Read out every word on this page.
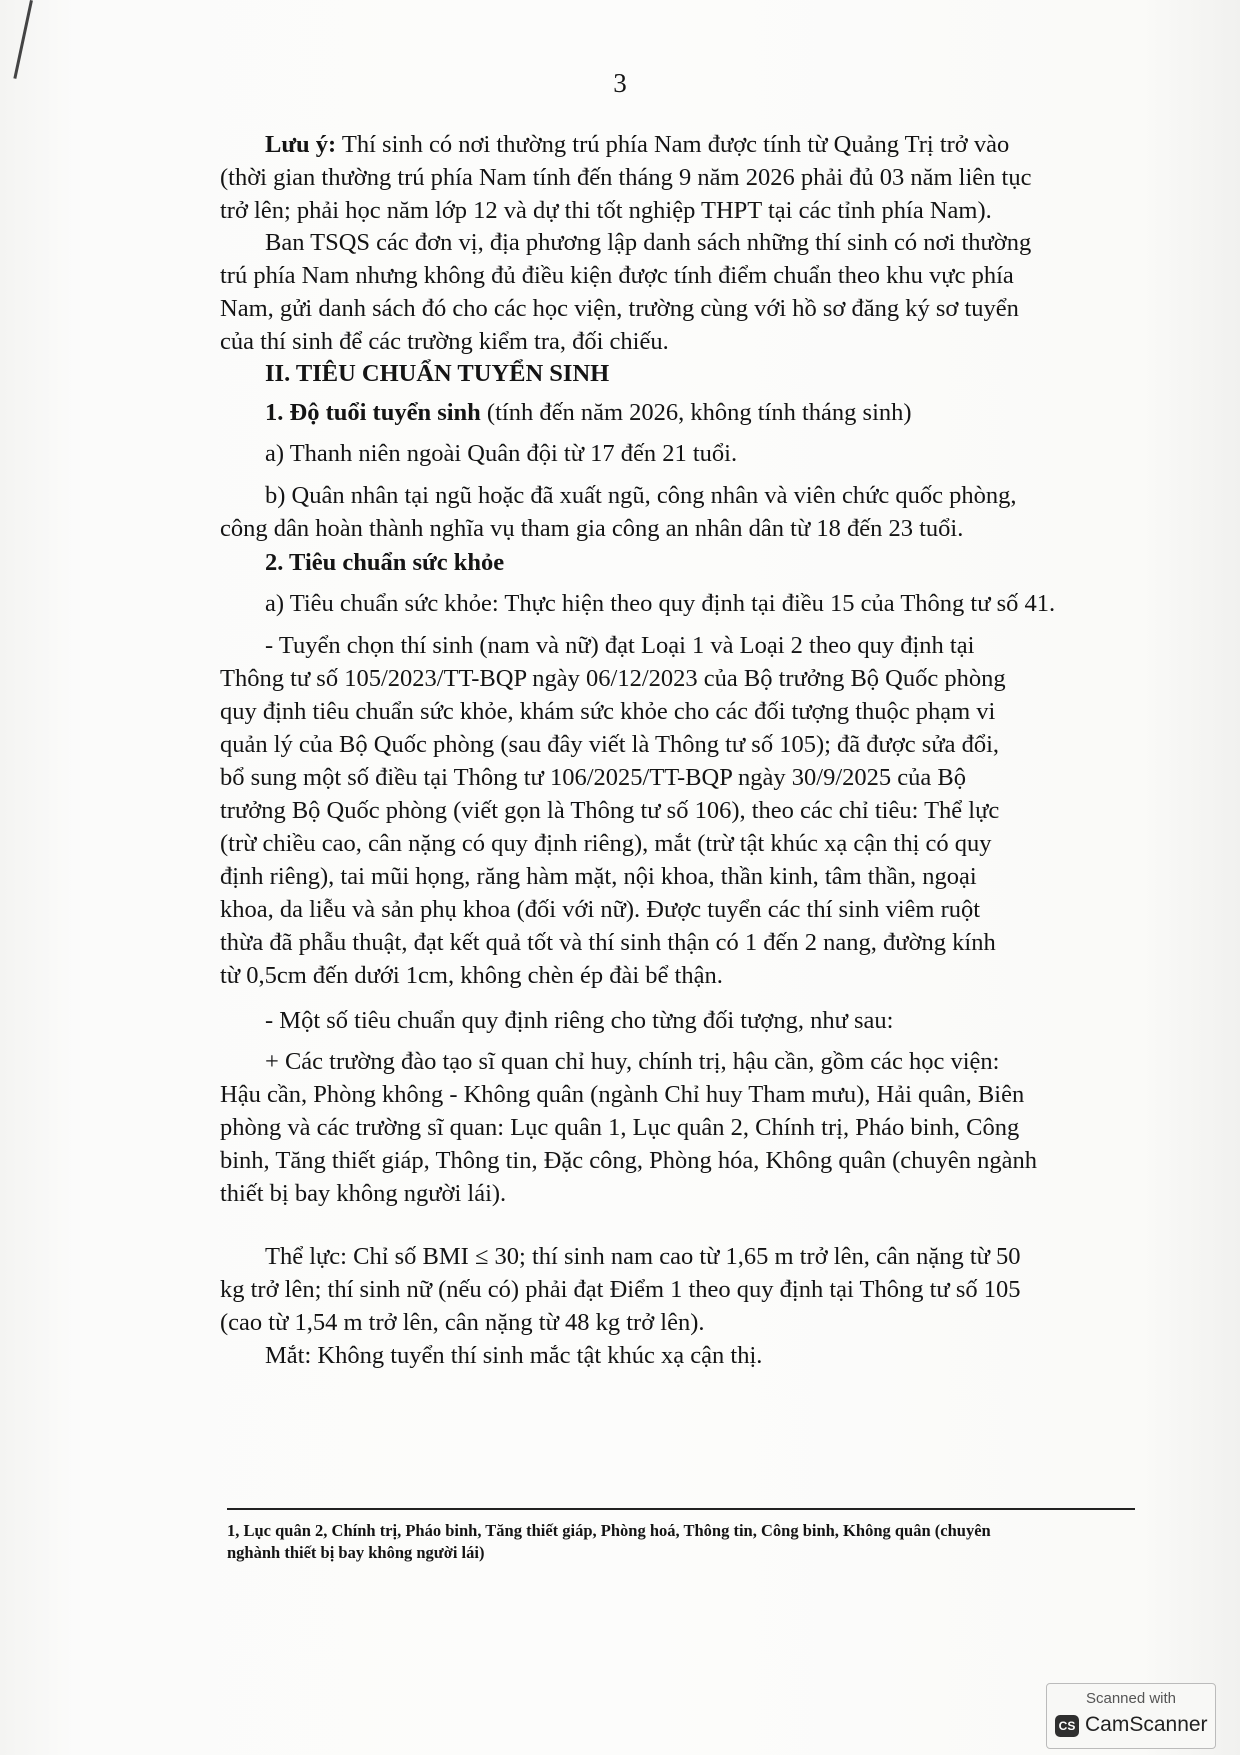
3
Lưu ý: Thí sinh có nơi thường trú phía Nam được tính từ Quảng Trị trở vào
(thời gian thường trú phía Nam tính đến tháng 9 năm 2026 phải đủ 03 năm liên tục
trở lên; phải học năm lớp 12 và dự thi tốt nghiệp THPT tại các tỉnh phía Nam).
Ban TSQS các đơn vị, địa phương lập danh sách những thí sinh có nơi thường
trú phía Nam nhưng không đủ điều kiện được tính điểm chuẩn theo khu vực phía
Nam, gửi danh sách đó cho các học viện, trường cùng với hồ sơ đăng ký sơ tuyển
của thí sinh để các trường kiểm tra, đối chiếu.
II. TIÊU CHUẨN TUYỂN SINH
1. Độ tuổi tuyển sinh (tính đến năm 2026, không tính tháng sinh)
a) Thanh niên ngoài Quân đội từ 17 đến 21 tuổi.
b) Quân nhân tại ngũ hoặc đã xuất ngũ, công nhân và viên chức quốc phòng,
công dân hoàn thành nghĩa vụ tham gia công an nhân dân từ 18 đến 23 tuổi.
2. Tiêu chuẩn sức khỏe
a) Tiêu chuẩn sức khỏe: Thực hiện theo quy định tại điều 15 của Thông tư số 41.
- Tuyển chọn thí sinh (nam và nữ) đạt Loại 1 và Loại 2 theo quy định tại
Thông tư số 105/2023/TT-BQP ngày 06/12/2023 của Bộ trưởng Bộ Quốc phòng
quy định tiêu chuẩn sức khỏe, khám sức khỏe cho các đối tượng thuộc phạm vi
quản lý của Bộ Quốc phòng (sau đây viết là Thông tư số 105); đã được sửa đổi,
bổ sung một số điều tại Thông tư 106/2025/TT-BQP ngày 30/9/2025 của Bộ
trưởng Bộ Quốc phòng (viết gọn là Thông tư số 106), theo các chỉ tiêu: Thể lực
(trừ chiều cao, cân nặng có quy định riêng), mắt (trừ tật khúc xạ cận thị có quy
định riêng), tai mũi họng, răng hàm mặt, nội khoa, thần kinh, tâm thần, ngoại
khoa, da liễu và sản phụ khoa (đối với nữ). Được tuyển các thí sinh viêm ruột
thừa đã phẫu thuật, đạt kết quả tốt và thí sinh thận có 1 đến 2 nang, đường kính
từ 0,5cm đến dưới 1cm, không chèn ép đài bể thận.
- Một số tiêu chuẩn quy định riêng cho từng đối tượng, như sau:
+ Các trường đào tạo sĩ quan chỉ huy, chính trị, hậu cần, gồm các học viện:
Hậu cần, Phòng không - Không quân (ngành Chỉ huy Tham mưu), Hải quân, Biên
phòng và các trường sĩ quan: Lục quân 1, Lục quân 2, Chính trị, Pháo binh, Công
binh, Tăng thiết giáp, Thông tin, Đặc công, Phòng hóa, Không quân (chuyên ngành
thiết bị bay không người lái).
Thể lực: Chỉ số BMI ≤ 30; thí sinh nam cao từ 1,65 m trở lên, cân nặng từ 50
kg trở lên; thí sinh nữ (nếu có) phải đạt Điểm 1 theo quy định tại Thông tư số 105
(cao từ 1,54 m trở lên, cân nặng từ 48 kg trở lên).
Mắt: Không tuyển thí sinh mắc tật khúc xạ cận thị.
1, Lục quân 2, Chính trị, Pháo binh, Tăng thiết giáp, Phòng hoá, Thông tin, Công binh, Không quân (chuyên
nghành thiết bị bay không người lái)
Scanned with
CS CamScanner
